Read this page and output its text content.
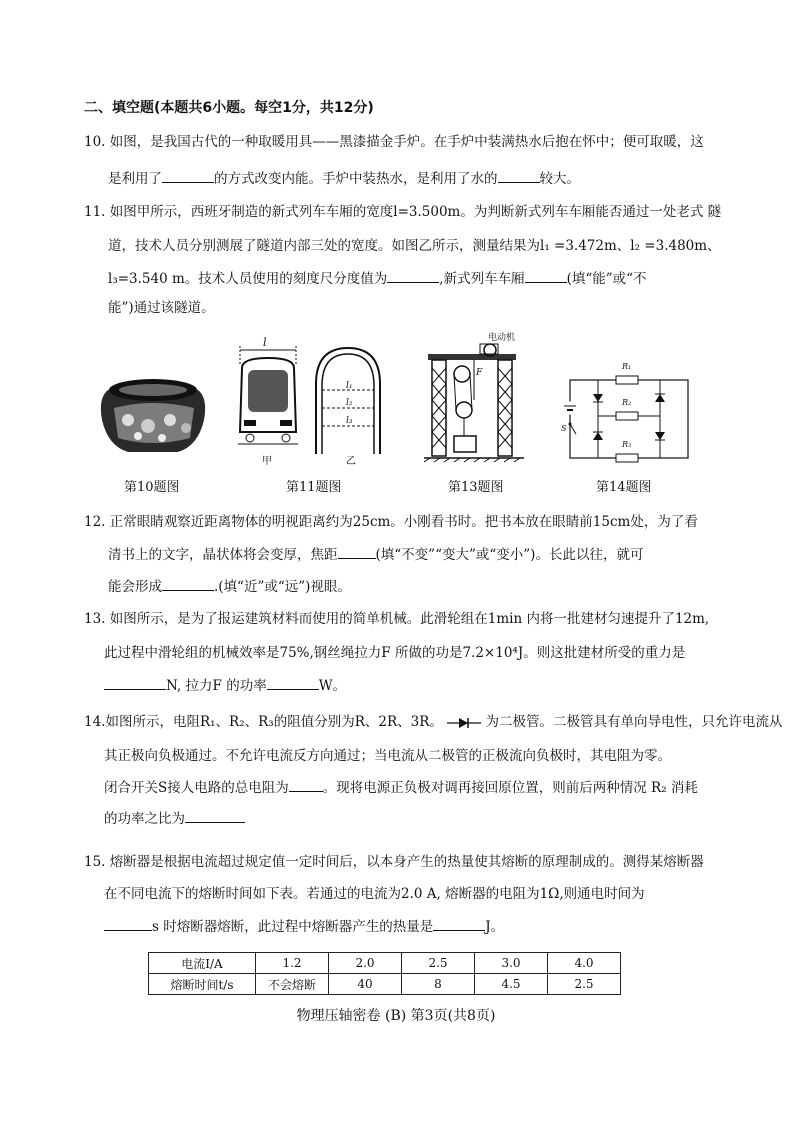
二、填空题(本题共6小题。每空1分，共12分)
10. 如图，是我国古代的一种取暖用具——黑漆描金手炉。在手炉中装满热水后抱在怀中；便可取暖，这
是利用了	的方式改变内能。手炉中装热水，是利用了水的	较大。
11. 如图甲所示，西班牙制造的新式列车车厢的宽度l=3.500m。为判断新式列车车厢能否通过一处老式 隧
道，技术人员分别测展了隧道内部三处的宽度。如图乙所示，测量结果为l₁ =3.472m、l₂ =3.480m、
l₃=3.540 m。技术人员使用的刻度尺分度值为	,新式列车车厢	(填“能”或“不
能”)通过该隧道。
l
甲
l₁
l₂
l₃
乙
电动机
F
R₁
R₂
R₃
S
第10题图	第11题图	第13题图	第14题图
12. 正常眼睛观察近距离物体的明视距离约为25cm。小刚看书时。把书本放在眼睛前15cm处，为了看
清书上的文字，晶状体将会变厚，焦距	(填“不变”“变大”或“变小”)。长此以往，就可
能会形成	.(填“近”或“远”)视眼。
13. 如图所示，是为了报运建筑材料而使用的简单机械。此滑轮组在1min 内将一批建材匀速提升了12m,
此过程中滑轮组的机械效率是75%,钢丝绳拉力F 所做的功是7.2×10⁴J。则这批建材所受的重力是
N, 拉力F 的功率	W。
14.如图所示，电阻R₁、R₂、R₃的阻值分别为R、2R、3R。	为二极管。二极管具有单向导电性，只允许电流从
其正极向负极通过。不允许电流反方向通过；当电流从二极管的正极流向负极时，其电阻为零。
闭合开关S接人电路的总电阻为	。现将电源正负极对调再接回原位置，则前后两种情况 R₂ 消耗
的功率之比为
15. 熔断器是根据电流超过规定值一定时间后，以本身产生的热量使其熔断的原理制成的。测得某熔断器
在不同电流下的熔断时间如下表。若通过的电流为2.0 A, 熔断器的电阻为1Ω,则通电时间为
s 时熔断器熔断，此过程中熔断器产生的热量是	J。
电流I/A	1.2	2.0	2.5	3.0	4.0
熔断时间t/s	不会熔断	40	8	4.5	2.5
物理压轴密卷 (B) 第3页(共8页)
